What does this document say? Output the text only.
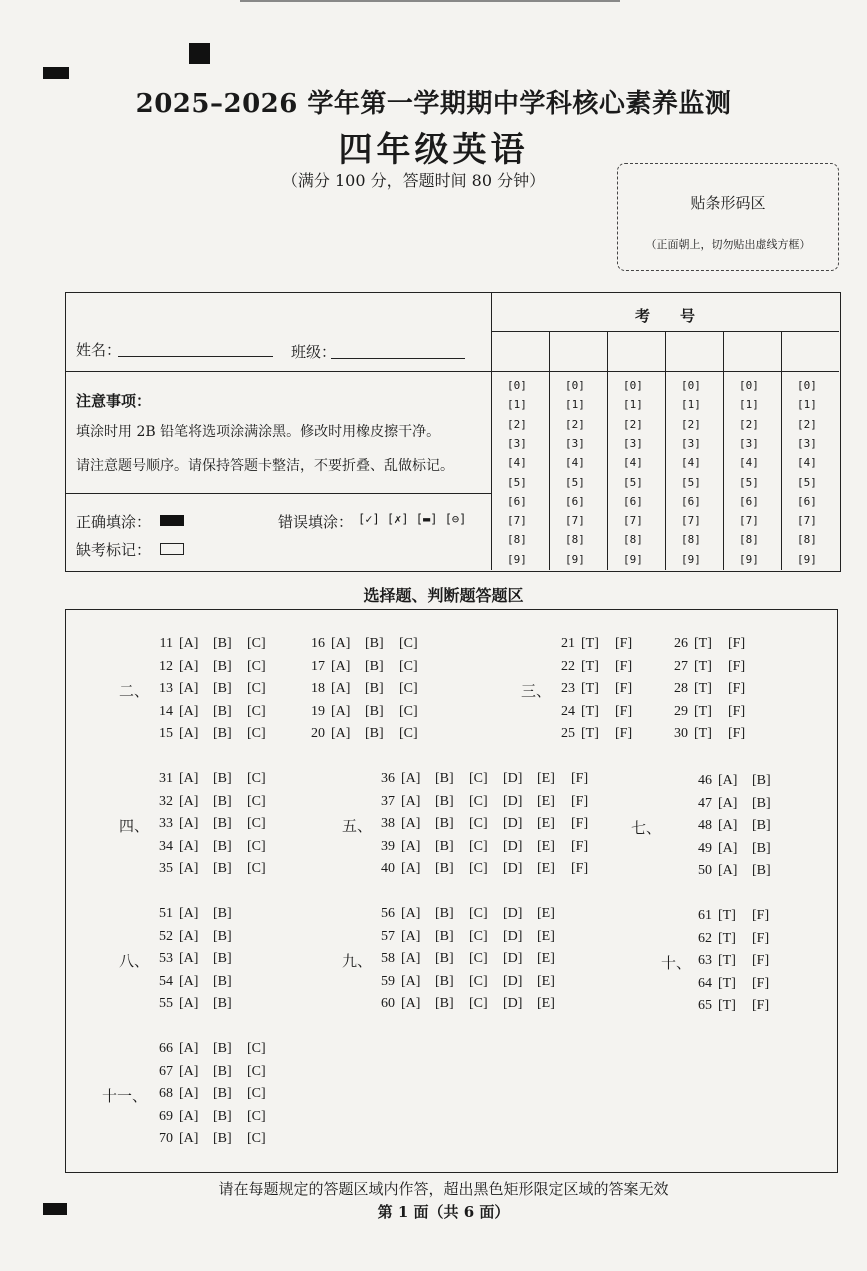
2025–2026 学年第一学期期中学科核心素养监测
四年级英语
（满分 100 分，答题时间 80 分钟）
贴条形码区
（正面朝上，切勿贴出虚线方框）
姓名：	班级：
考　　号
注意事项：
填涂时用 2B 铅笔将选项涂满涂黑。修改时用橡皮擦干净。
请注意题号顺序。请保持答题卡整洁，不要折叠、乱做标记。
正确填涂：	错误填涂： [✓] [✗] [▬] [⊖]
缺考标记：
[0]
[1]
[2]
[3]
[4]
[5]
[6]
[7]
[8]
[9]
[0]
[1]
[2]
[3]
[4]
[5]
[6]
[7]
[8]
[9]
[0]
[1]
[2]
[3]
[4]
[5]
[6]
[7]
[8]
[9]
[0]
[1]
[2]
[3]
[4]
[5]
[6]
[7]
[8]
[9]
[0]
[1]
[2]
[3]
[4]
[5]
[6]
[7]
[8]
[9]
[0]
[1]
[2]
[3]
[4]
[5]
[6]
[7]
[8]
[9]
选择题、判断题答题区
11 [A] [B] [C]
12 [A] [B] [C]
13 [A] [B] [C]
14 [A] [B] [C]
15 [A] [B] [C]
二、
16 [A] [B] [C]
17 [A] [B] [C]
18 [A] [B] [C]
19 [A] [B] [C]
20 [A] [B] [C]
21 [T] [F]
22 [T] [F]
23 [T] [F]
24 [T] [F]
25 [T] [F]
三、
26 [T] [F]
27 [T] [F]
28 [T] [F]
29 [T] [F]
30 [T] [F]
31 [A] [B] [C]
32 [A] [B] [C]
33 [A] [B] [C]
34 [A] [B] [C]
35 [A] [B] [C]
四、
36 [A] [B] [C] [D] [E] [F]
37 [A] [B] [C] [D] [E] [F]
38 [A] [B] [C] [D] [E] [F]
39 [A] [B] [C] [D] [E] [F]
40 [A] [B] [C] [D] [E] [F]
五、
46 [A] [B]
47 [A] [B]
48 [A] [B]
49 [A] [B]
50 [A] [B]
七、
51 [A] [B]
52 [A] [B]
53 [A] [B]
54 [A] [B]
55 [A] [B]
八、
56 [A] [B] [C] [D] [E]
57 [A] [B] [C] [D] [E]
58 [A] [B] [C] [D] [E]
59 [A] [B] [C] [D] [E]
60 [A] [B] [C] [D] [E]
九、
61 [T] [F]
62 [T] [F]
63 [T] [F]
64 [T] [F]
65 [T] [F]
十、
66 [A] [B] [C]
67 [A] [B] [C]
68 [A] [B] [C]
69 [A] [B] [C]
70 [A] [B] [C]
十一、
请在每题规定的答题区域内作答，超出黑色矩形限定区域的答案无效
第 1 面（共 6 面）
